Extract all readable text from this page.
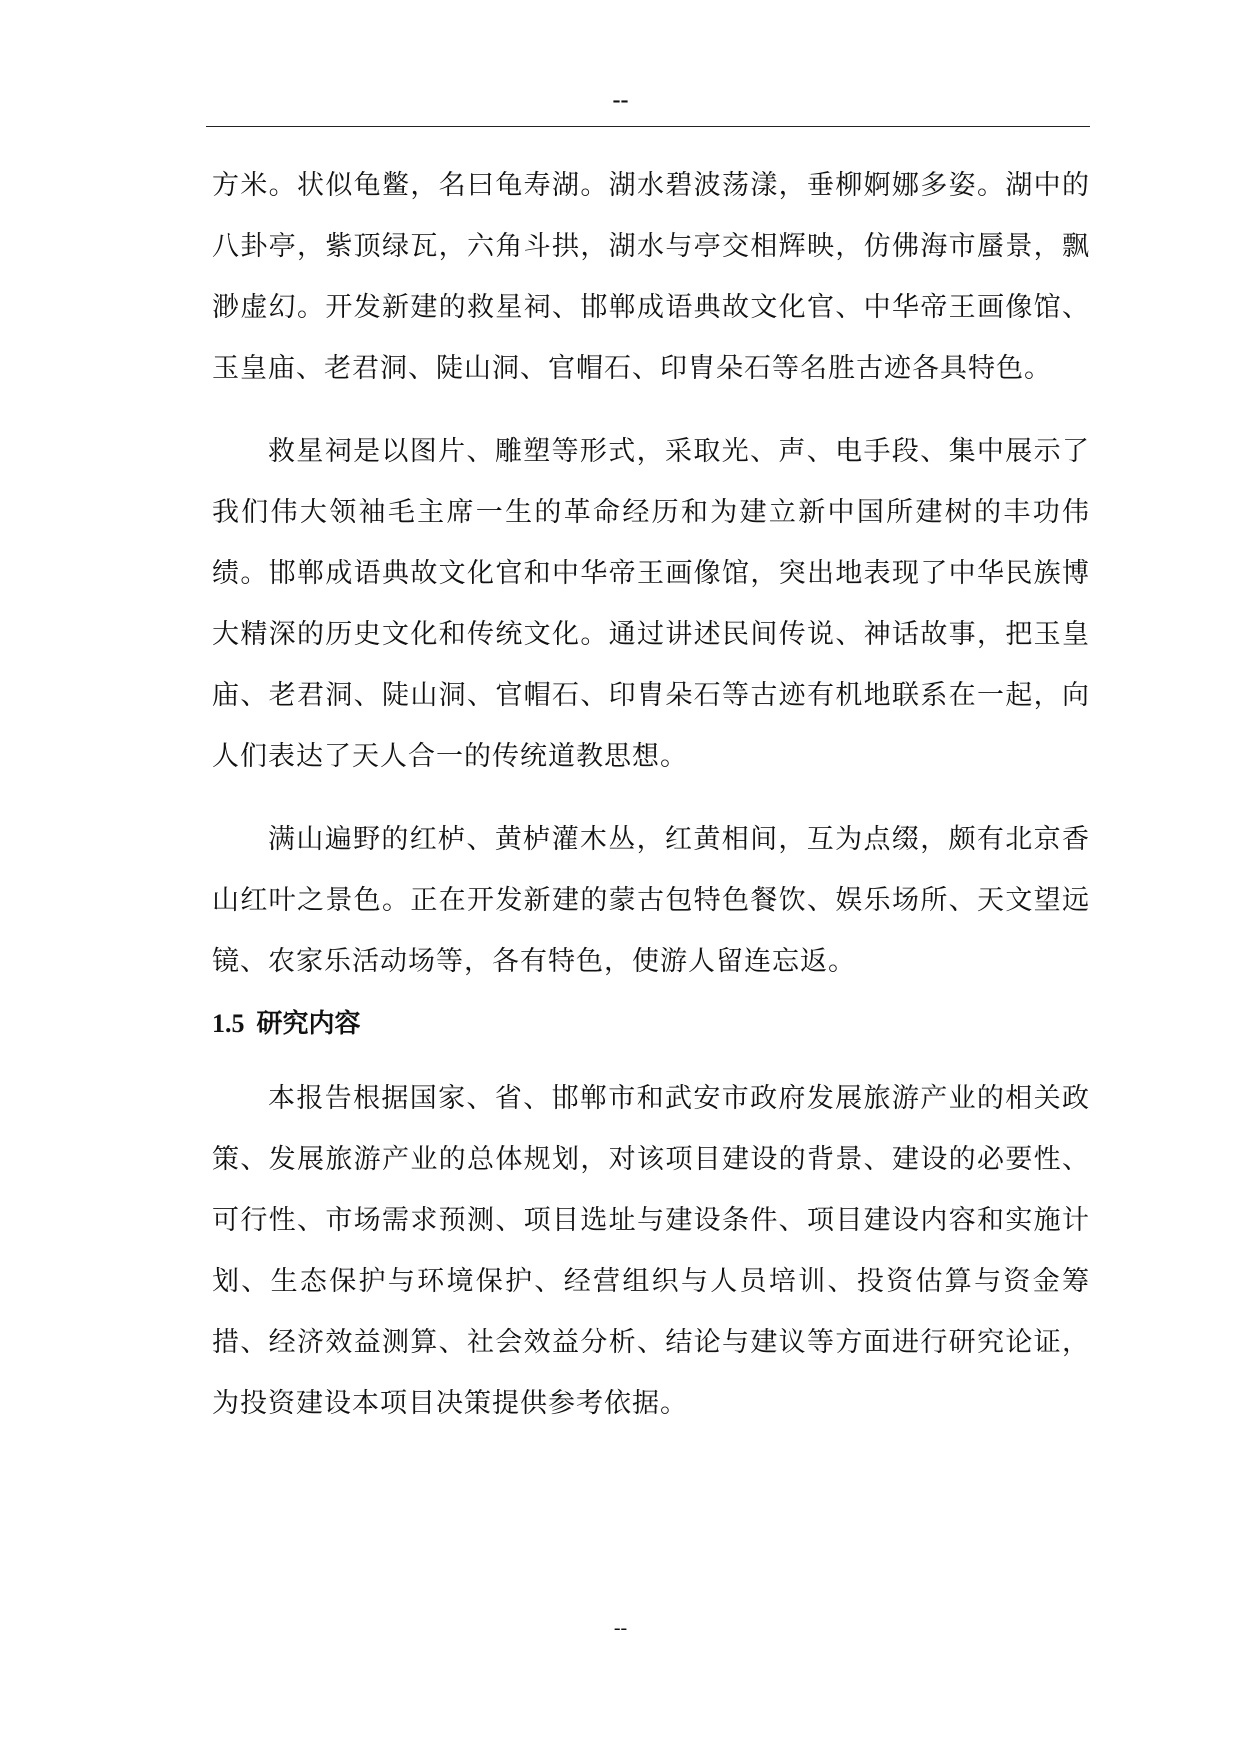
--

方米。状似龟鳖，名曰龟寿湖。湖水碧波荡漾，垂柳婀娜多姿。湖中的八卦亭，紫顶绿瓦，六角斗拱，湖水与亭交相辉映，仿佛海市蜃景，飘渺虚幻。开发新建的救星祠、邯郸成语典故文化官、中华帝王画像馆、玉皇庙、老君洞、陡山洞、官帽石、印胄朵石等名胜古迹各具特色。

救星祠是以图片、雕塑等形式，采取光、声、电手段、集中展示了我们伟大领袖毛主席一生的革命经历和为建立新中国所建树的丰功伟绩。邯郸成语典故文化官和中华帝王画像馆，突出地表现了中华民族博大精深的历史文化和传统文化。通过讲述民间传说、神话故事，把玉皇庙、老君洞、陡山洞、官帽石、印胄朵石等古迹有机地联系在一起，向人们表达了天人合一的传统道教思想。

满山遍野的红栌、黄栌灌木丛，红黄相间，互为点缀，颇有北京香山红叶之景色。正在开发新建的蒙古包特色餐饮、娱乐场所、天文望远镜、农家乐活动场等，各有特色，使游人留连忘返。

1.5 研究内容

本报告根据国家、省、邯郸市和武安市政府发展旅游产业的相关政策、发展旅游产业的总体规划，对该项目建设的背景、建设的必要性、可行性、市场需求预测、项目选址与建设条件、项目建设内容和实施计划、生态保护与环境保护、经营组织与人员培训、投资估算与资金筹措、经济效益测算、社会效益分析、结论与建议等方面进行研究论证，为投资建设本项目决策提供参考依据。

--
